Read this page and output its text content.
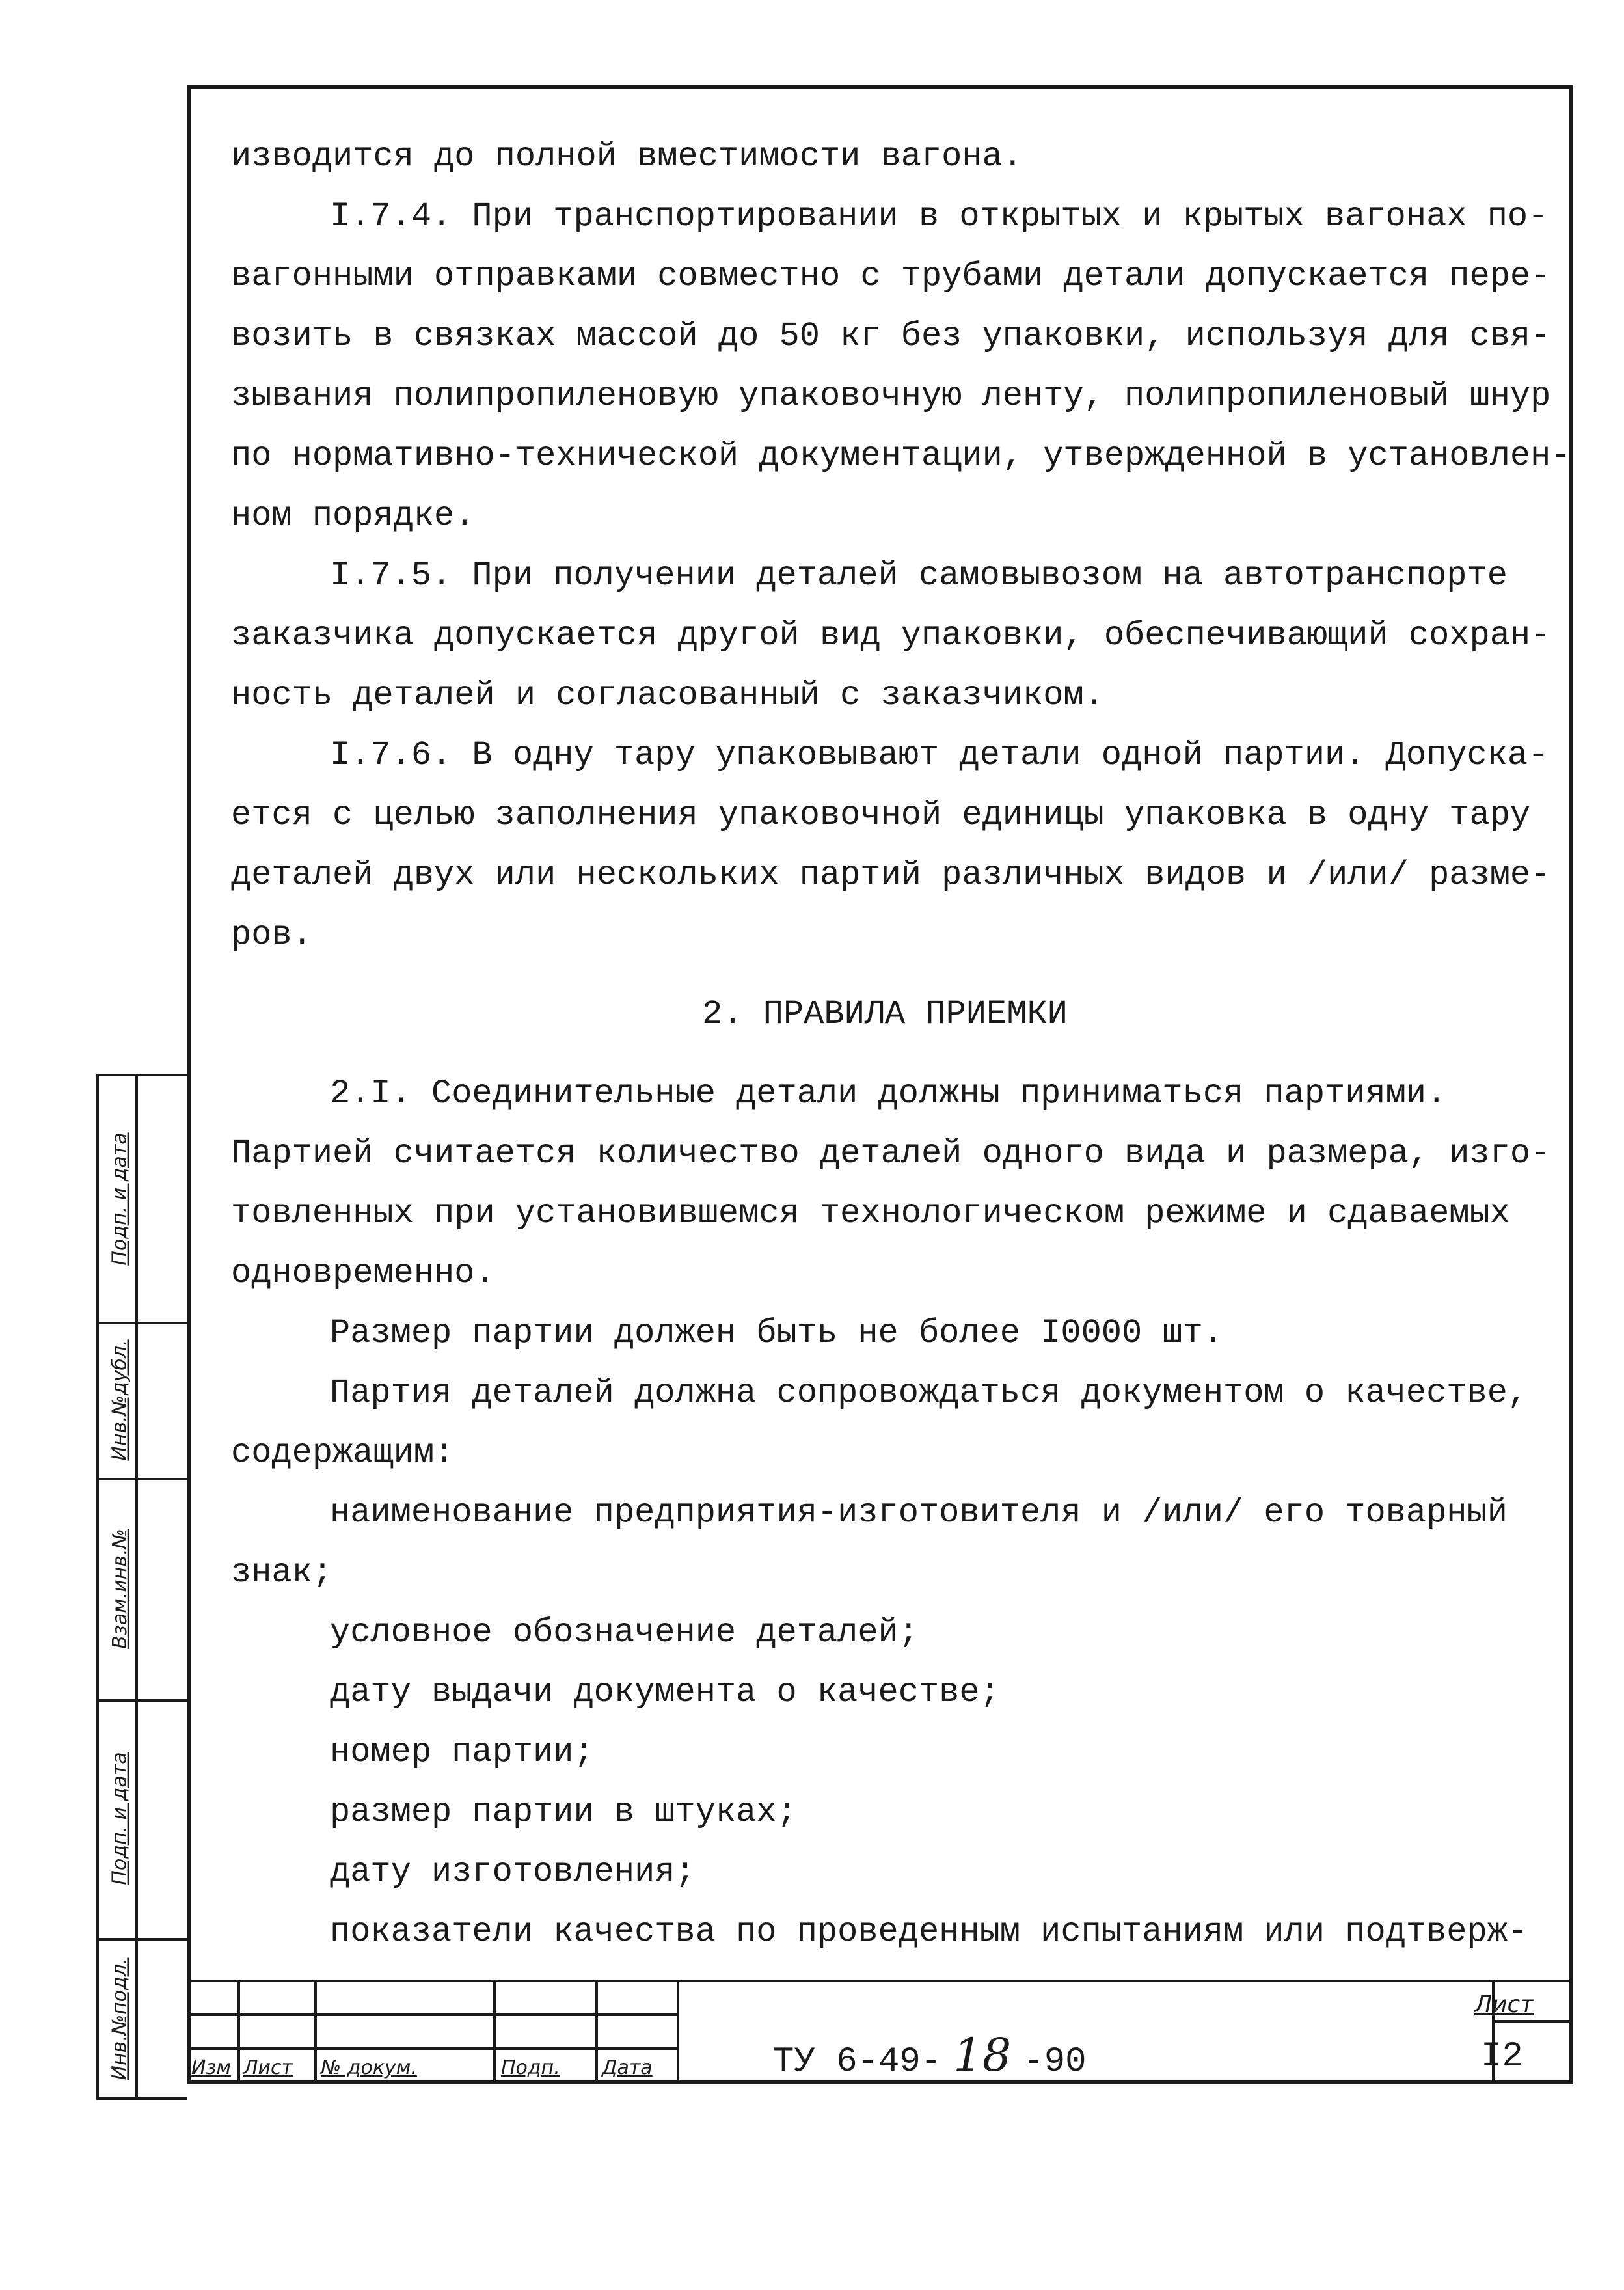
изводится до полной вместимости вагона.
I.7.4. При транспортировании в открытых и крытых вагонах по-
вагонными отправками совместно с трубами детали допускается пере-
возить в связках массой до 50 кг без упаковки, используя для свя-
зывания полипропиленовую упаковочную ленту, полипропиленовый шнур
по нормативно-технической документации, утвержденной в установлен-
ном порядке.
I.7.5. При получении деталей самовывозом на автотранспорте
заказчика допускается другой вид упаковки, обеспечивающий сохран-
ность деталей и согласованный с заказчиком.
I.7.6. В одну тару упаковывают детали одной партии. Допуска-
ется с целью заполнения упаковочной единицы упаковка в одну тару
деталей двух или нескольких партий различных видов и /или/ разме-
ров.
2. ПРАВИЛА ПРИЕМКИ
2.I. Соединительные детали должны приниматься партиями.
Партией считается количество деталей одного вида и размера, изго-
товленных при установившемся технологическом режиме и сдаваемых
одновременно.
Размер партии должен быть не более I0000 шт.
Партия деталей должна сопровождаться документом о качестве,
содержащим:
наименование предприятия-изготовителя и /или/ его товарный
знак;
условное обозначение деталей;
дату выдачи документа о качестве;
номер партии;
размер партии в штуках;
дату изготовления;
показатели качества по проведенным испытаниям или подтверж-
Инв.№подл.
Подп. и дата
Взам.инв.№
Инв.№дубл.
Подп. и дата
Изм Лист № докум.	Подп. Дата	ТУ 6-49- 18 -90
Лист
I2
